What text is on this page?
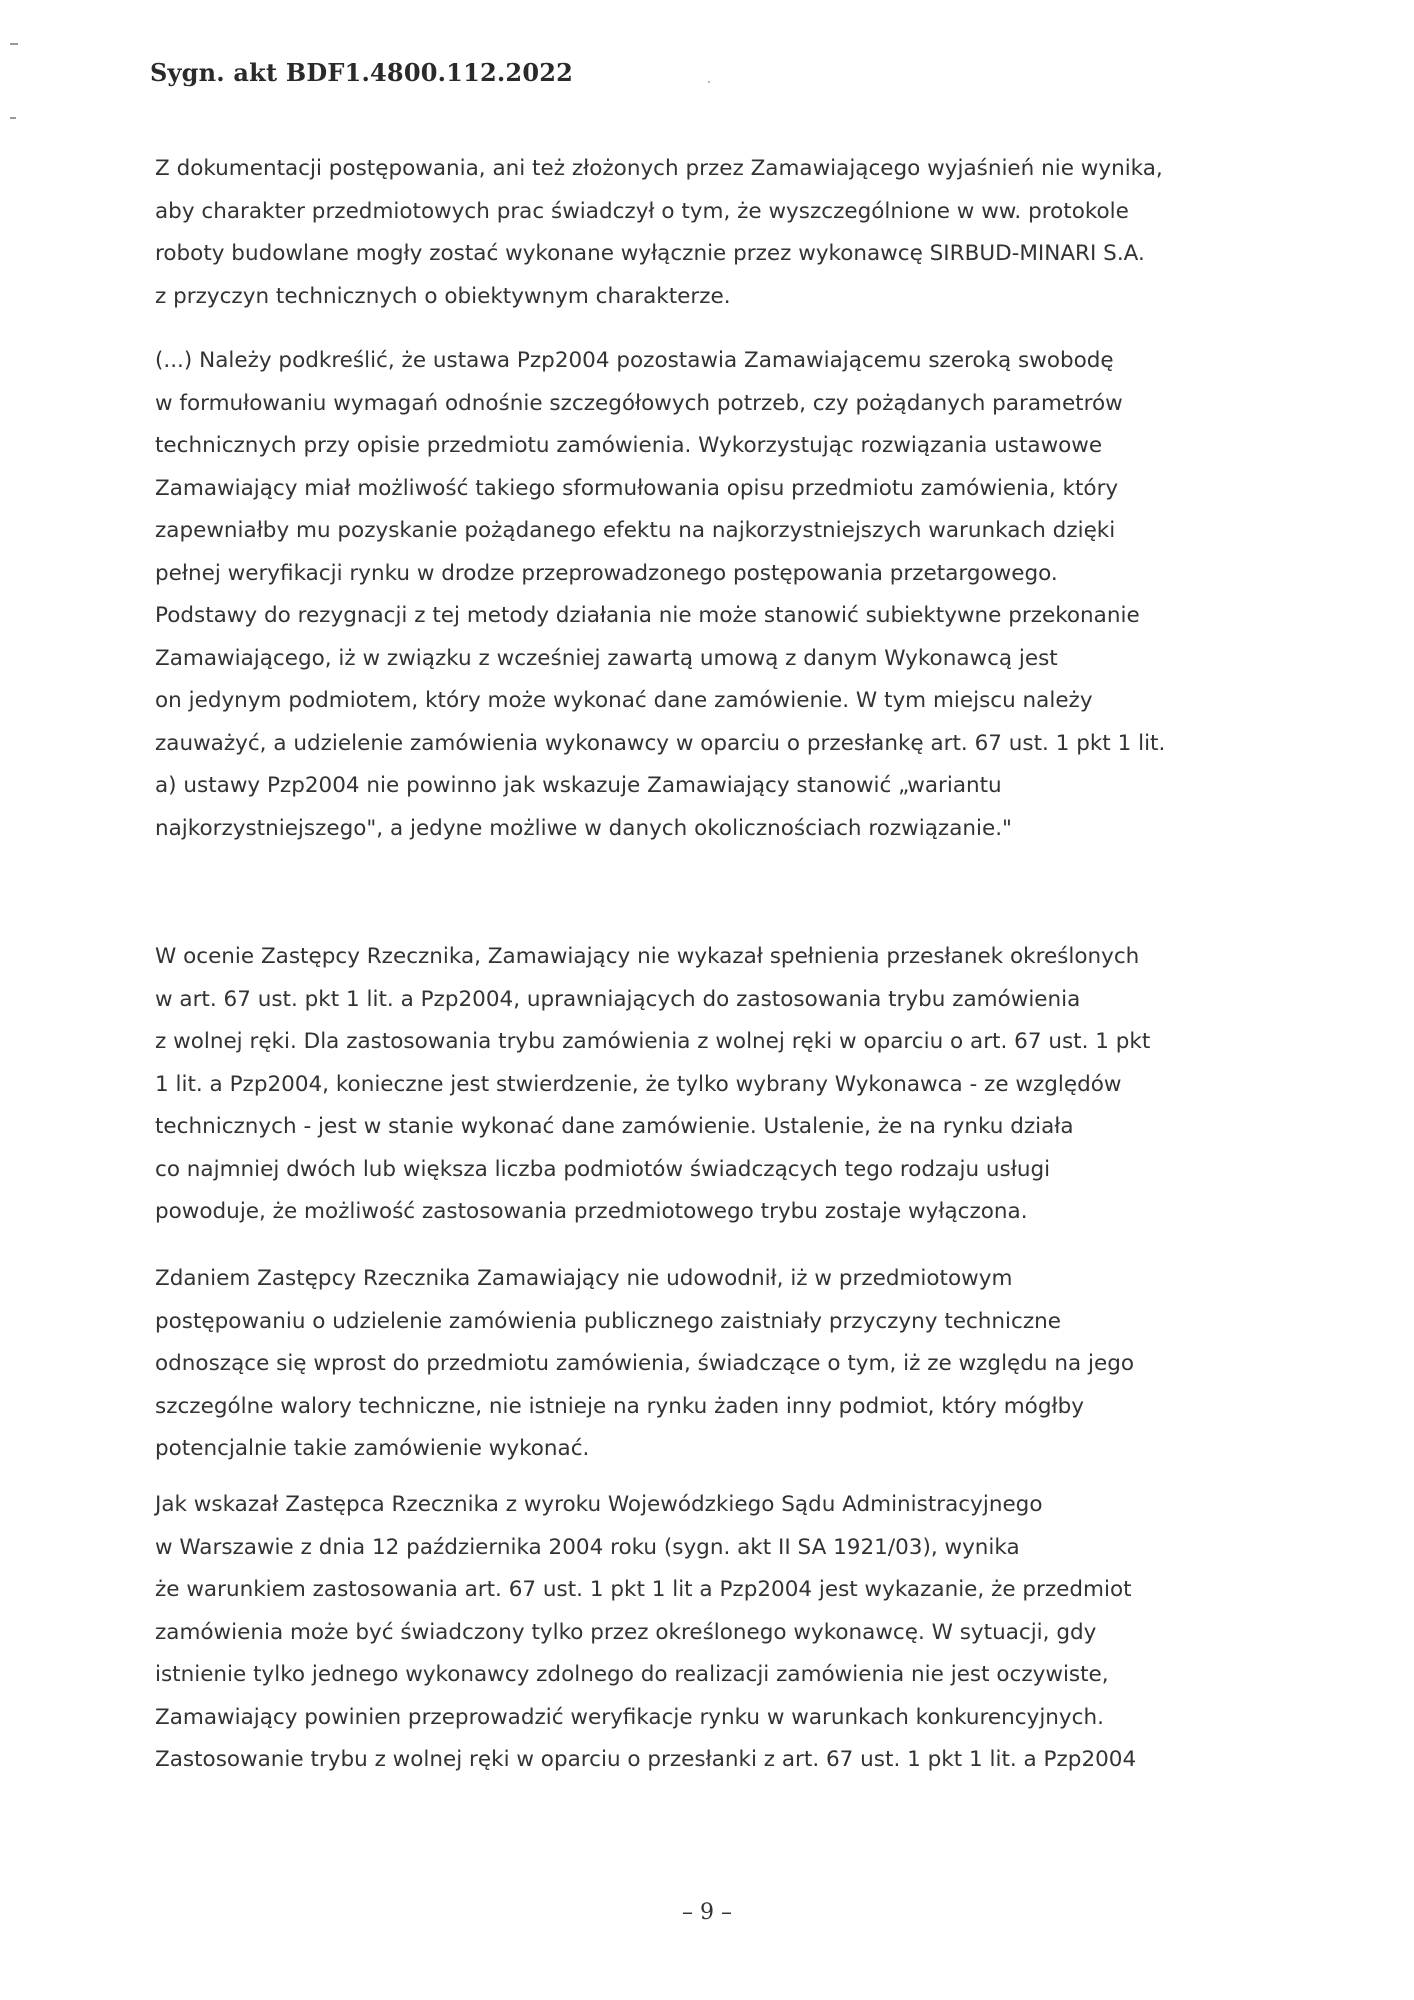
Sygn. akt BDF1.4800.112.2022

Z dokumentacji postępowania, ani też złożonych przez Zamawiającego wyjaśnień nie wynika,
aby charakter przedmiotowych prac świadczył o tym, że wyszczególnione w ww. protokole
roboty budowlane mogły zostać wykonane wyłącznie przez wykonawcę SIRBUD-MINARI S.A.
z przyczyn technicznych o obiektywnym charakterze.

(...) Należy podkreślić, że ustawa Pzp2004 pozostawia Zamawiającemu szeroką swobodę
w formułowaniu wymagań odnośnie szczegółowych potrzeb, czy pożądanych parametrów
technicznych przy opisie przedmiotu zamówienia. Wykorzystując rozwiązania ustawowe
Zamawiający miał możliwość takiego sformułowania opisu przedmiotu zamówienia, który
zapewniałby mu pozyskanie pożądanego efektu na najkorzystniejszych warunkach dzięki
pełnej weryfikacji rynku w drodze przeprowadzonego postępowania przetargowego.
Podstawy do rezygnacji z tej metody działania nie może stanowić subiektywne przekonanie
Zamawiającego, iż w związku z wcześniej zawartą umową z danym Wykonawcą jest
on jedynym podmiotem, który może wykonać dane zamówienie. W tym miejscu należy
zauważyć, a udzielenie zamówienia wykonawcy w oparciu o przesłankę art. 67 ust. 1 pkt 1 lit.
a) ustawy Pzp2004 nie powinno jak wskazuje Zamawiający stanowić „wariantu
najkorzystniejszego", a jedyne możliwe w danych okolicznościach rozwiązanie."

W ocenie Zastępcy Rzecznika, Zamawiający nie wykazał spełnienia przesłanek określonych
w art. 67 ust. pkt 1 lit. a Pzp2004, uprawniających do zastosowania trybu zamówienia
z wolnej ręki. Dla zastosowania trybu zamówienia z wolnej ręki w oparciu o art. 67 ust. 1 pkt
1 lit. a Pzp2004, konieczne jest stwierdzenie, że tylko wybrany Wykonawca - ze względów
technicznych - jest w stanie wykonać dane zamówienie. Ustalenie, że na rynku działa
co najmniej dwóch lub większa liczba podmiotów świadczących tego rodzaju usługi
powoduje, że możliwość zastosowania przedmiotowego trybu zostaje wyłączona.

Zdaniem Zastępcy Rzecznika Zamawiający nie udowodnił, iż w przedmiotowym
postępowaniu o udzielenie zamówienia publicznego zaistniały przyczyny techniczne
odnoszące się wprost do przedmiotu zamówienia, świadczące o tym, iż ze względu na jego
szczególne walory techniczne, nie istnieje na rynku żaden inny podmiot, który mógłby
potencjalnie takie zamówienie wykonać.

Jak wskazał Zastępca Rzecznika z wyroku Wojewódzkiego Sądu Administracyjnego
w Warszawie z dnia 12 października 2004 roku (sygn. akt II SA 1921/03), wynika
że warunkiem zastosowania art. 67 ust. 1 pkt 1 lit a Pzp2004 jest wykazanie, że przedmiot
zamówienia może być świadczony tylko przez określonego wykonawcę. W sytuacji, gdy
istnienie tylko jednego wykonawcy zdolnego do realizacji zamówienia nie jest oczywiste,
Zamawiający powinien przeprowadzić weryfikacje rynku w warunkach konkurencyjnych.
Zastosowanie trybu z wolnej ręki w oparciu o przesłanki z art. 67 ust. 1 pkt 1 lit. a Pzp2004

– 9 –
